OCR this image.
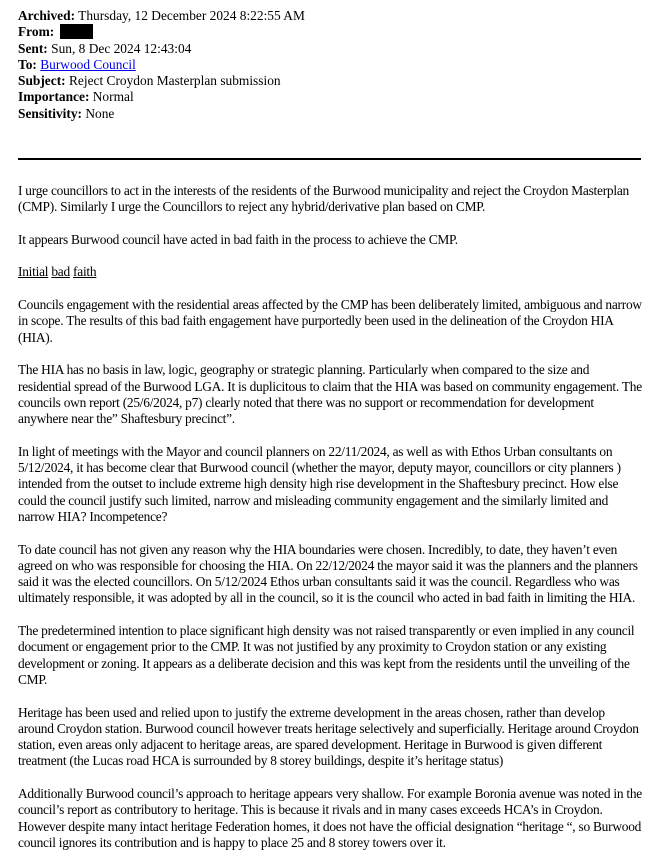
Archived: Thursday, 12 December 2024 8:22:55 AM
From:
Sent: Sun, 8 Dec 2024 12:43:04
To: Burwood Council
Subject: Reject Croydon Masterplan submission
Importance: Normal
Sensitivity: None

I urge councillors to act in the interests of the residents of the Burwood municipality and reject the Croydon Masterplan (CMP). Similarly I urge the Councillors to reject any hybrid/derivative plan based on CMP.

It appears Burwood council have acted in bad faith in the process to achieve the CMP.

Initial bad faith

Councils engagement with the residential areas affected by the CMP has been deliberately limited, ambiguous and narrow in scope. The results of this bad faith engagement have purportedly been used in the delineation of the Croydon HIA (HIA).

The HIA has no basis in law, logic, geography or strategic planning. Particularly when compared to the size and residential spread of the Burwood LGA. It is duplicitous to claim that the HIA was based on community engagement. The councils own report (25/6/2024, p7) clearly noted that there was no support or recommendation for development anywhere near the” Shaftesbury precinct”.

In light of meetings with the Mayor and council planners on 22/11/2024, as well as with Ethos Urban consultants on 5/12/2024, it has become clear that Burwood council (whether the mayor, deputy mayor, councillors or city planners ) intended from the outset to include extreme high density high rise development in the Shaftesbury precinct. How else could the council justify such limited, narrow and misleading community engagement and the similarly limited and narrow HIA? Incompetence?

To date council has not given any reason why the HIA boundaries were chosen. Incredibly, to date, they haven’t even agreed on who was responsible for choosing the HIA. On 22/12/2024 the mayor said it was the planners and the planners said it was the elected councillors. On 5/12/2024 Ethos urban consultants said it was the council. Regardless who was ultimately responsible, it was adopted by all in the council, so it is the council who acted in bad faith in limiting the HIA.

The predetermined intention to place significant high density was not raised transparently or even implied in any council document or engagement prior to the CMP. It was not justified by any proximity to Croydon station or any existing development or zoning. It appears as a deliberate decision and this was kept from the residents until the unveiling of the CMP.

Heritage has been used and relied upon to justify the extreme development in the areas chosen, rather than develop around Croydon station. Burwood council however treats heritage selectively and superficially. Heritage around Croydon station, even areas only adjacent to heritage areas, are spared development. Heritage in Burwood is given different treatment (the Lucas road HCA is surrounded by 8 storey buildings, despite it’s heritage status)

Additionally Burwood council’s approach to heritage appears very shallow. For example Boronia avenue was noted in the council’s report as contributory to heritage. This is because it rivals and in many cases exceeds HCA’s in Croydon. However despite many intact heritage Federation homes, it does not have the official designation “heritage “, so Burwood council ignores its contribution and is happy to place 25 and 8 storey towers over it.
